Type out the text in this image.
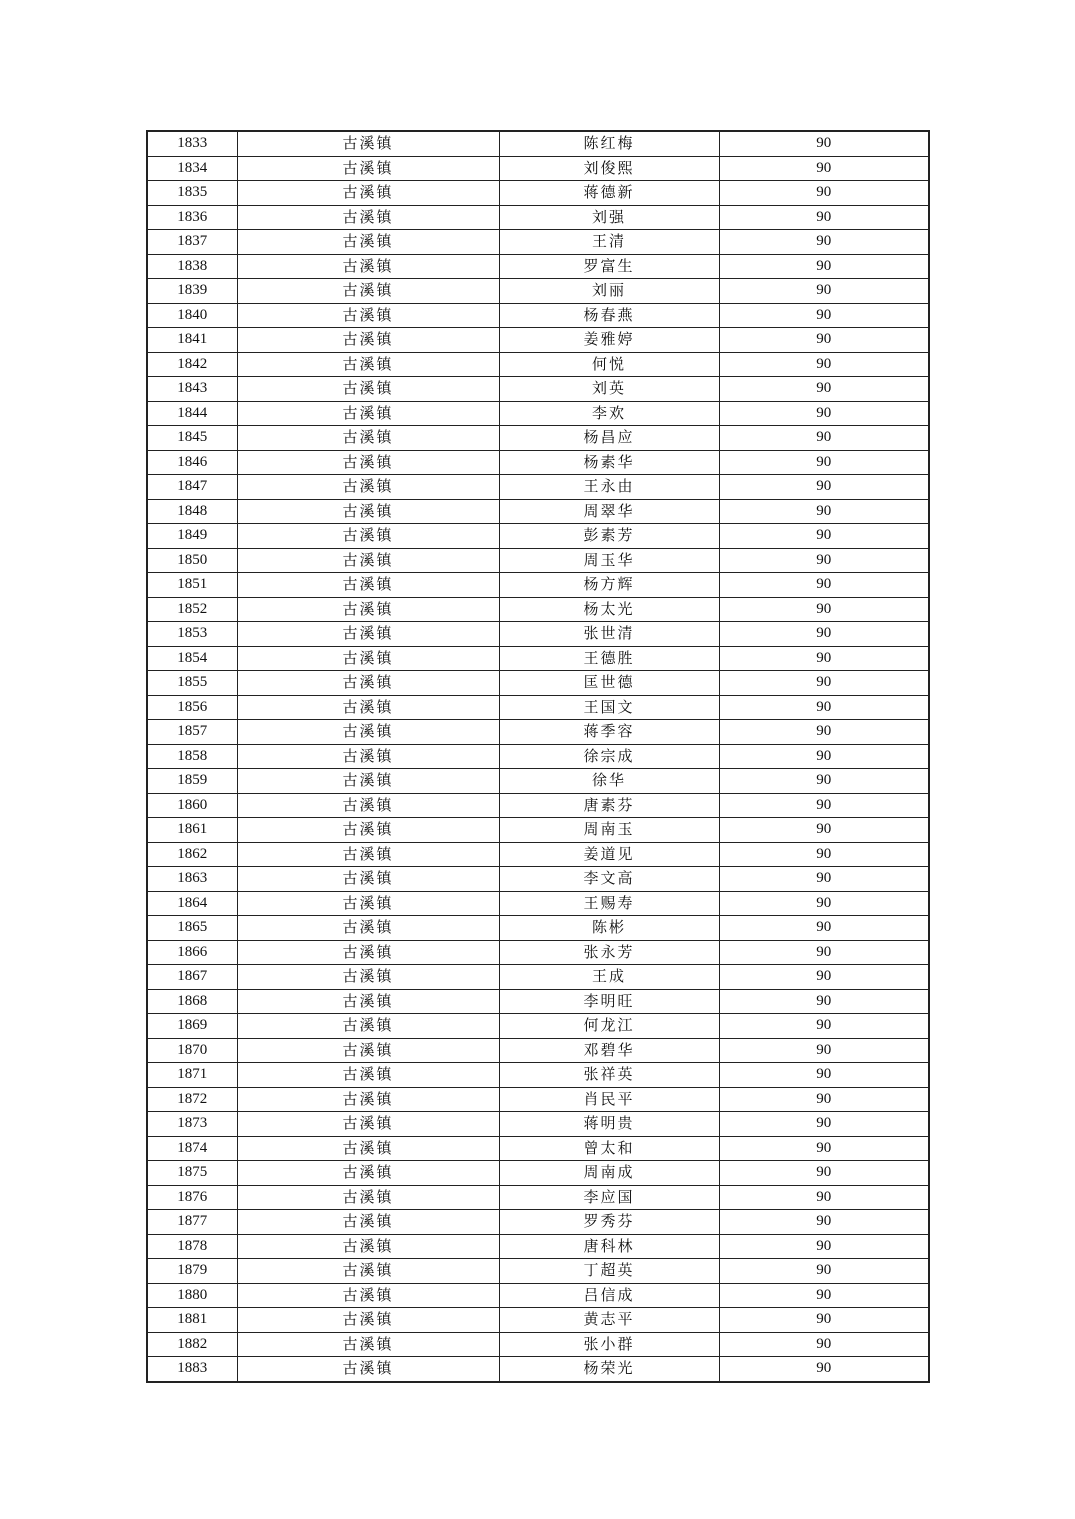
1833	古溪镇	陈红梅	90
1834	古溪镇	刘俊熙	90
1835	古溪镇	蒋德新	90
1836	古溪镇	刘强	90
1837	古溪镇	王清	90
1838	古溪镇	罗富生	90
1839	古溪镇	刘丽	90
1840	古溪镇	杨春燕	90
1841	古溪镇	姜雅婷	90
1842	古溪镇	何悦	90
1843	古溪镇	刘英	90
1844	古溪镇	李欢	90
1845	古溪镇	杨昌应	90
1846	古溪镇	杨素华	90
1847	古溪镇	王永由	90
1848	古溪镇	周翠华	90
1849	古溪镇	彭素芳	90
1850	古溪镇	周玉华	90
1851	古溪镇	杨方辉	90
1852	古溪镇	杨太光	90
1853	古溪镇	张世清	90
1854	古溪镇	王德胜	90
1855	古溪镇	匡世德	90
1856	古溪镇	王国文	90
1857	古溪镇	蒋季容	90
1858	古溪镇	徐宗成	90
1859	古溪镇	徐华	90
1860	古溪镇	唐素芬	90
1861	古溪镇	周南玉	90
1862	古溪镇	姜道见	90
1863	古溪镇	李文高	90
1864	古溪镇	王赐寿	90
1865	古溪镇	陈彬	90
1866	古溪镇	张永芳	90
1867	古溪镇	王成	90
1868	古溪镇	李明旺	90
1869	古溪镇	何龙江	90
1870	古溪镇	邓碧华	90
1871	古溪镇	张祥英	90
1872	古溪镇	肖民平	90
1873	古溪镇	蒋明贵	90
1874	古溪镇	曾太和	90
1875	古溪镇	周南成	90
1876	古溪镇	李应国	90
1877	古溪镇	罗秀芬	90
1878	古溪镇	唐科林	90
1879	古溪镇	丁超英	90
1880	古溪镇	吕信成	90
1881	古溪镇	黄志平	90
1882	古溪镇	张小群	90
1883	古溪镇	杨荣光	90
